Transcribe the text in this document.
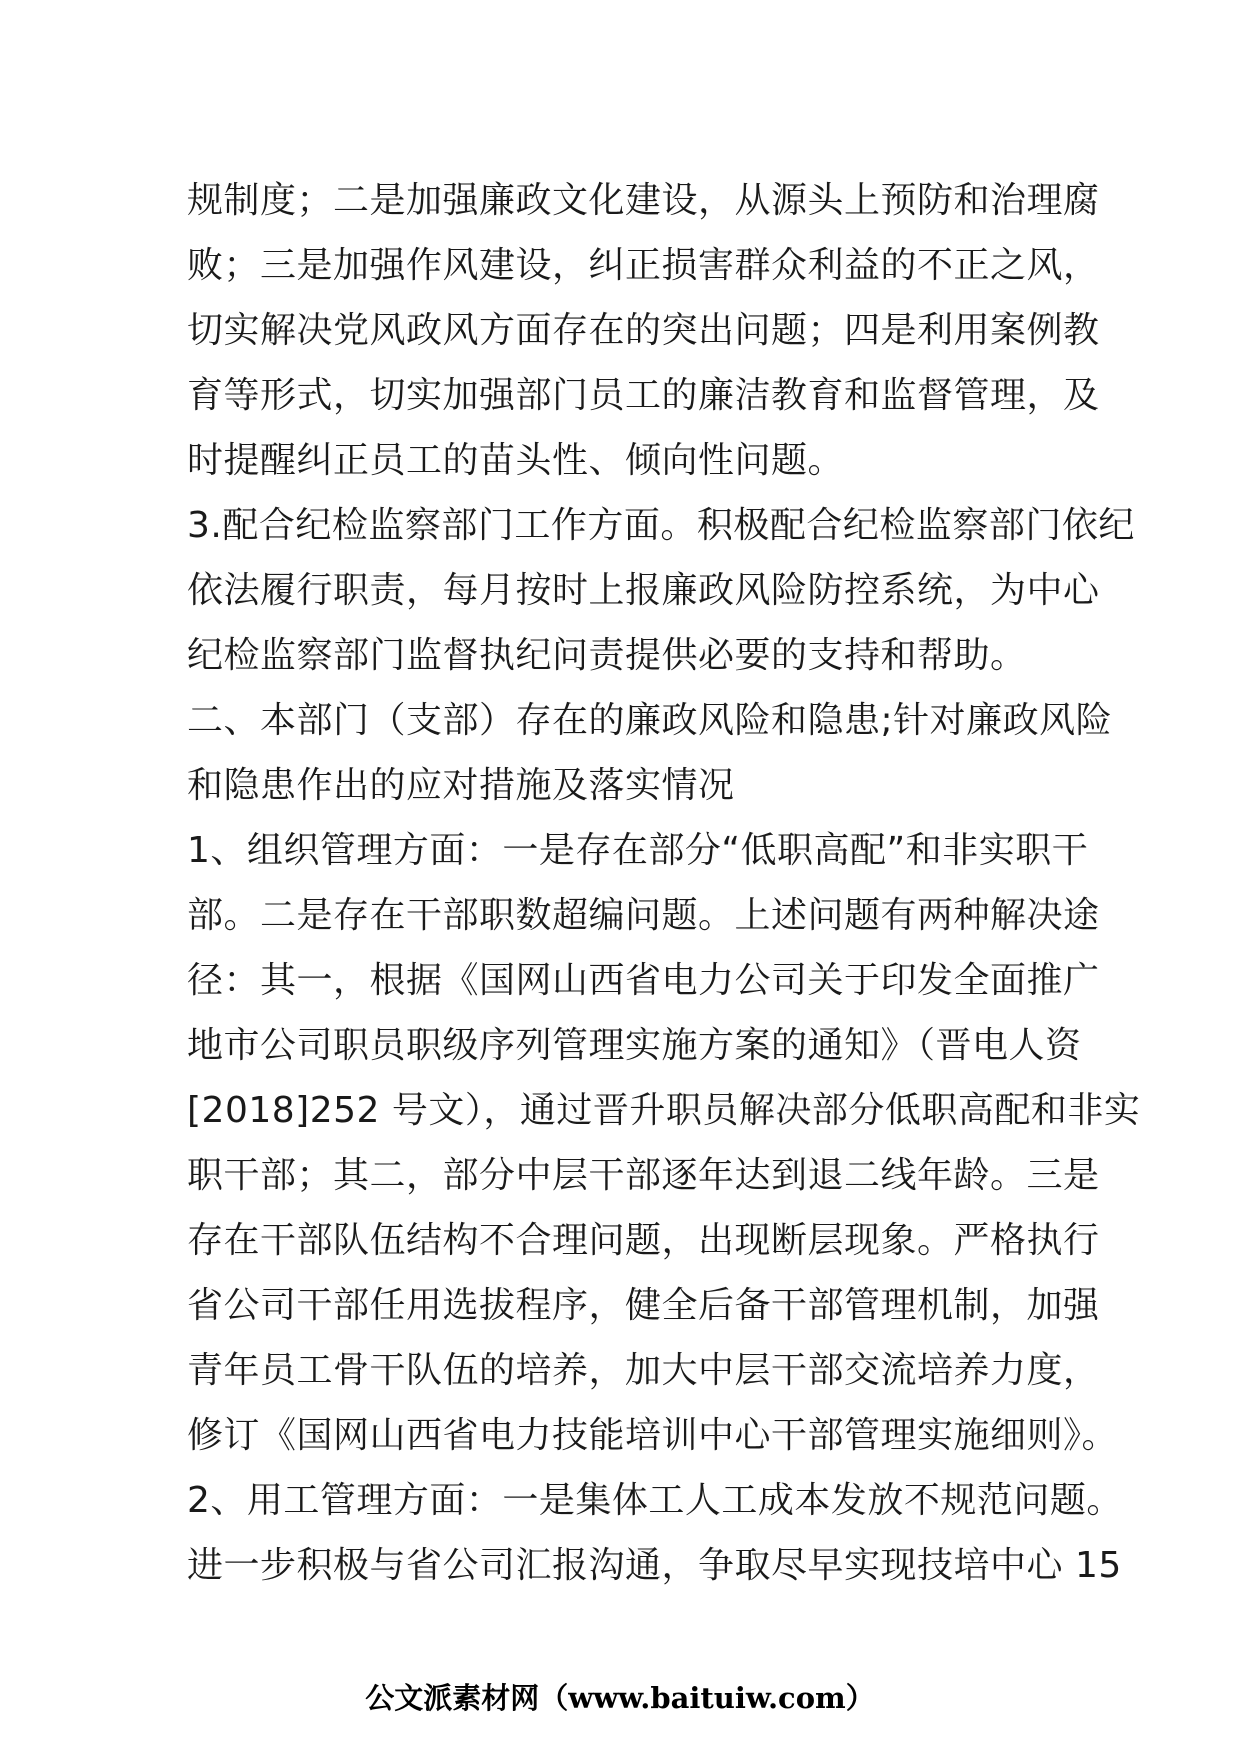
规制度；二是加强廉政文化建设，从源头上预防和治理腐
败；三是加强作风建设，纠正损害群众利益的不正之风，
切实解决党风政风方面存在的突出问题；四是利用案例教
育等形式，切实加强部门员工的廉洁教育和监督管理，及
时提醒纠正员工的苗头性、倾向性问题。
3.配合纪检监察部门工作方面。积极配合纪检监察部门依纪
依法履行职责，每月按时上报廉政风险防控系统，为中心
纪检监察部门监督执纪问责提供必要的支持和帮助。
二、本部门（支部）存在的廉政风险和隐患;针对廉政风险
和隐患作出的应对措施及落实情况
1、组织管理方面：一是存在部分“低职高配”和非实职干
部。二是存在干部职数超编问题。上述问题有两种解决途
径：其一，根据《国网山西省电力公司关于印发全面推广
地市公司职员职级序列管理实施方案的通知》（晋电人资
[2018]252 号文），通过晋升职员解决部分低职高配和非实
职干部；其二，部分中层干部逐年达到退二线年龄。三是
存在干部队伍结构不合理问题，出现断层现象。严格执行
省公司干部任用选拔程序，健全后备干部管理机制，加强
青年员工骨干队伍的培养，加大中层干部交流培养力度，
修订《国网山西省电力技能培训中心干部管理实施细则》。
2、用工管理方面：一是集体工人工成本发放不规范问题。
进一步积极与省公司汇报沟通，争取尽早实现技培中心 15
公文派素材网（www.baituiw.com）
